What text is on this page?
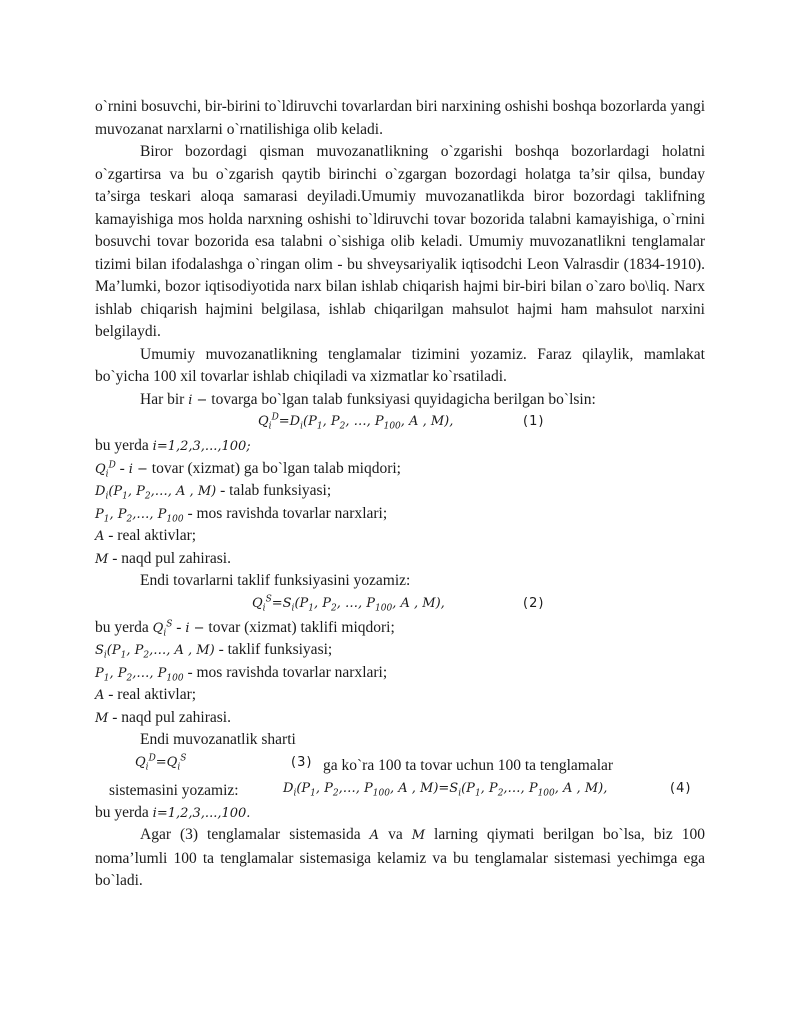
o`rnini bosuvchi, bir-birini to`ldiruvchi tovarlardan biri narxining oshishi boshqa bozorlarda yangi muvozanat narxlarni o`rnatilishiga olib keladi.

Biror bozordagi qisman muvozanatlikning o`zgarishi boshqa bozorlardagi holatni o`zgartirsa va bu o`zgarish qaytib birinchi o`zgargan bozordagi holatga ta’sir qilsa, bunday ta’sirga teskari aloqa samarasi deyiladi.Umumiy muvozanatlikda biror bozordagi taklifning kamayishiga mos holda narxning oshishi to`ldiruvchi tovar bozorida talabni kamayishiga, o`rnini bosuvchi tovar bozorida esa talabni o`sishiga olib keladi. Umumiy muvozanatlikni tenglamalar tizimi bilan ifodalashga o`ringan olim - bu shveysariyalik iqtisodchi Leon Valrasdir (1834-1910). Ma’lumki, bozor iqtisodiyotida narx bilan ishlab chiqarish hajmi bir-biri bilan o`zaro bo\liq. Narx ishlab chiqarish hajmini belgilasa, ishlab chiqarilgan mahsulot hajmi ham mahsulot narxini belgilaydi.

Umumiy muvozanatlikning tenglamalar tizimini yozamiz. Faraz qilaylik, mamlakat bo`yicha 100 xil tovarlar ishlab chiqiladi va xizmatlar ko`rsatiladi.

Har bir i − tovarga bo`lgan talab funksiyasi quyidagicha berilgan bo`lsin:
$Q_i^D=D_i(P_1$, $P_2$, …, $P_{100}$, A , M),	(1)
bu yerda i=1,2,3,...,100;
$Q_i^D$ - i − tovar (xizmat) ga bo`lgan talab miqdori;
$D_i(P_1$, $P_2,\dots$, A , M) - talab funksiyasi;
$P_1$, $P_2,\dots$, $P_{100}$ - mos ravishda tovarlar narxlari;
A - real aktivlar;
M - naqd pul zahirasi.
Endi tovarlarni taklif funksiyasini yozamiz:
$Q_i^S=S_i(P_1$, $P_2$, …, $P_{100}$, A , M),	(2)
bu yerda $Q_i^S$ - i − tovar (xizmat) taklifi miqdori;
$S_i(P_1$, $P_2,\dots$, A , M) - taklif funksiyasi;
$P_1$, $P_2,\dots$, $P_{100}$ - mos ravishda tovarlar narxlari;
A - real aktivlar;
M - naqd pul zahirasi.
Endi muvozanatlik sharti
$Q_i^D=Q_i^S$	(3) ga ko`ra 100 ta tovar uchun 100 ta tenglamalar
sistemasini yozamiz:	$D_i(P_1$, $P_2,\dots$, $P_{100}$, A , $M)=S_i(P_1$, $P_2,\dots$, $P_{100}$, A , M),	(4)
bu yerda i=1,2,3,...,100.

Agar (3) tenglamalar sistemasida A va M larning qiymati berilgan bo`lsa, biz 100 noma’lumli 100 ta tenglamalar sistemasiga kelamiz va bu tenglamalar sistemasi yechimga ega bo`ladi.
